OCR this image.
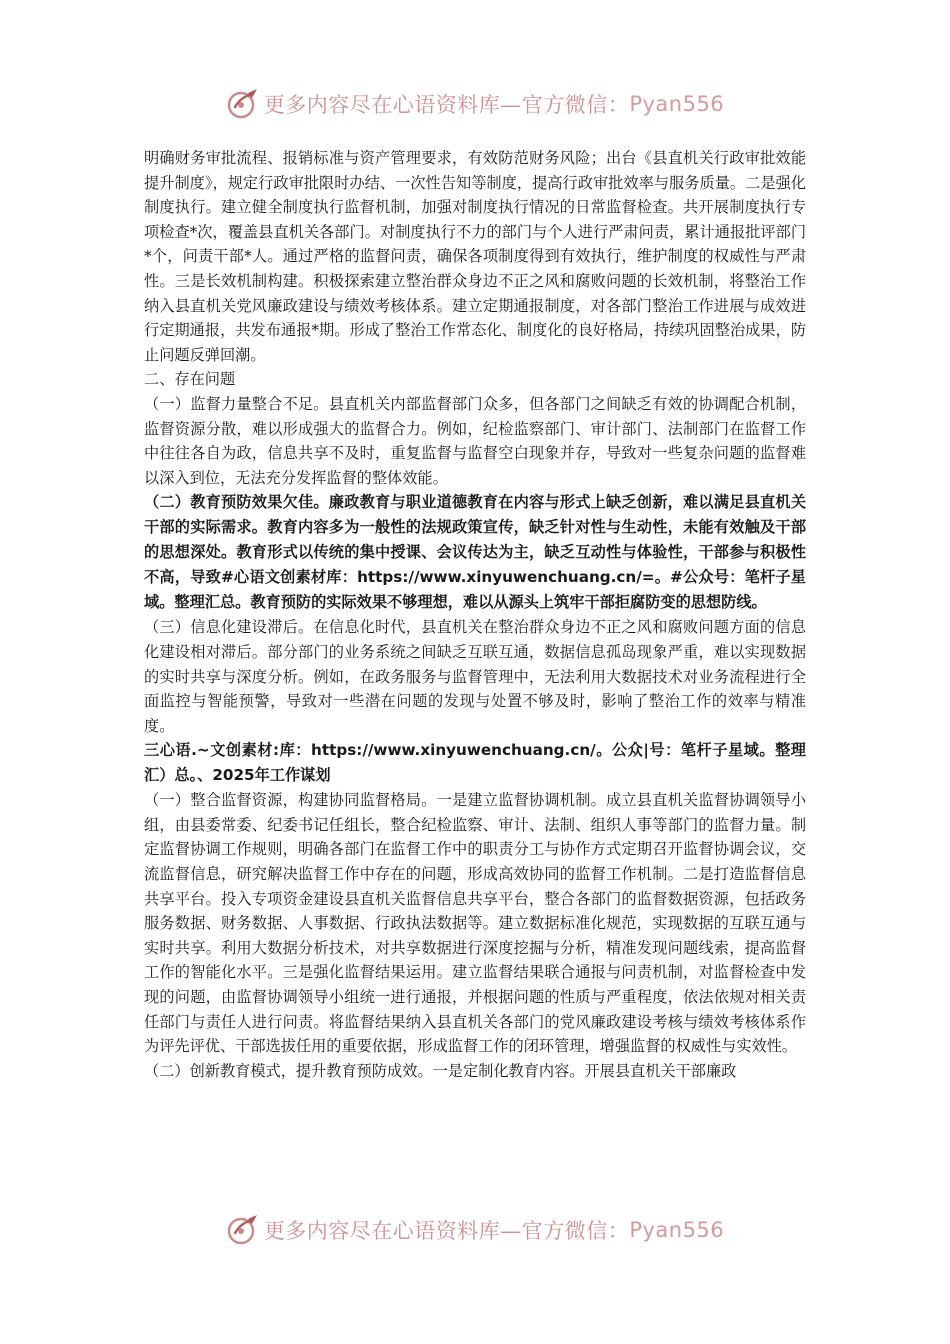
更多内容尽在心语资料库—官方微信： Pyan556

明确财务审批流程、报销标准与资产管理要求，有效防范财务风险；出台《县直机关行政审批效能提升制度》，规定行政审批限时办结、一次性告知等制度，提高行政审批效率与服务质量。二是强化制度执行。建立健全制度执行监督机制，加强对制度执行情况的日常监督检查。共开展制度执行专项检查*次，覆盖县直机关各部门。对制度执行不力的部门与个人进行严肃问责，累计通报批评部门*个，问责干部*人。通过严格的监督问责，确保各项制度得到有效执行，维护制度的权威性与严肃性。三是长效机制构建。积极探索建立整治群众身边不正之风和腐败问题的长效机制，将整治工作纳入县直机关党风廉政建设与绩效考核体系。建立定期通报制度，对各部门整治工作进展与成效进行定期通报，共发布通报*期。形成了整治工作常态化、制度化的良好格局，持续巩固整治成果，防止问题反弹回潮。

二、存在问题

（一）监督力量整合不足。县直机关内部监督部门众多，但各部门之间缺乏有效的协调配合机制，监督资源分散，难以形成强大的监督合力。例如，纪检监察部门、审计部门、法制部门在监督工作中往往各自为政，信息共享不及时，重复监督与监督空白现象并存，导致对一些复杂问题的监督难以深入到位，无法充分发挥监督的整体效能。

（二）教育预防效果欠佳。廉政教育与职业道德教育在内容与形式上缺乏创新，难以满足县直机关干部的实际需求。教育内容多为一般性的法规政策宣传，缺乏针对性与生动性，未能有效触及干部的思想深处。教育形式以传统的集中授课、会议传达为主，缺乏互动性与体验性，干部参与积极性不高，导致#心语文创素材库：https://www.xinyuwenchuang.cn/=。#公众号：笔杆子星域。整理汇总。教育预防的实际效果不够理想，难以从源头上筑牢干部拒腐防变的思想防线。

（三）信息化建设滞后。在信息化时代，县直机关在整治群众身边不正之风和腐败问题方面的信息化建设相对滞后。部分部门的业务系统之间缺乏互联互通，数据信息孤岛现象严重，难以实现数据的实时共享与深度分析。例如，在政务服务与监督管理中，无法利用大数据技术对业务流程进行全面监控与智能预警，导致对一些潜在问题的发现与处置不够及时，影响了整治工作的效率与精准度。

三心语.~文创素材:库：https://www.xinyuwenchuang.cn/。公众|号：笔杆子星域。整理汇）总。、2025年工作谋划

（一）整合监督资源，构建协同监督格局。一是建立监督协调机制。成立县直机关监督协调领导小组，由县委常委、纪委书记任组长，整合纪检监察、审计、法制、组织人事等部门的监督力量。制定监督协调工作规则，明确各部门在监督工作中的职责分工与协作方式定期召开监督协调会议，交流监督信息，研究解决监督工作中存在的问题，形成高效协同的监督工作机制。二是打造监督信息共享平台。投入专项资金建设县直机关监督信息共享平台，整合各部门的监督数据资源，包括政务服务数据、财务数据、人事数据、行政执法数据等。建立数据标准化规范，实现数据的互联互通与实时共享。利用大数据分析技术，对共享数据进行深度挖掘与分析，精准发现问题线索，提高监督工作的智能化水平。三是强化监督结果运用。建立监督结果联合通报与问责机制，对监督检查中发现的问题，由监督协调领导小组统一进行通报，并根据问题的性质与严重程度，依法依规对相关责任部门与责任人进行问责。将监督结果纳入县直机关各部门的党风廉政建设考核与绩效考核体系作为评先评优、干部选拔任用的重要依据，形成监督工作的闭环管理，增强监督的权威性与实效性。

（二）创新教育模式，提升教育预防成效。一是定制化教育内容。开展县直机关干部廉政

更多内容尽在心语资料库—官方微信： Pyan556
